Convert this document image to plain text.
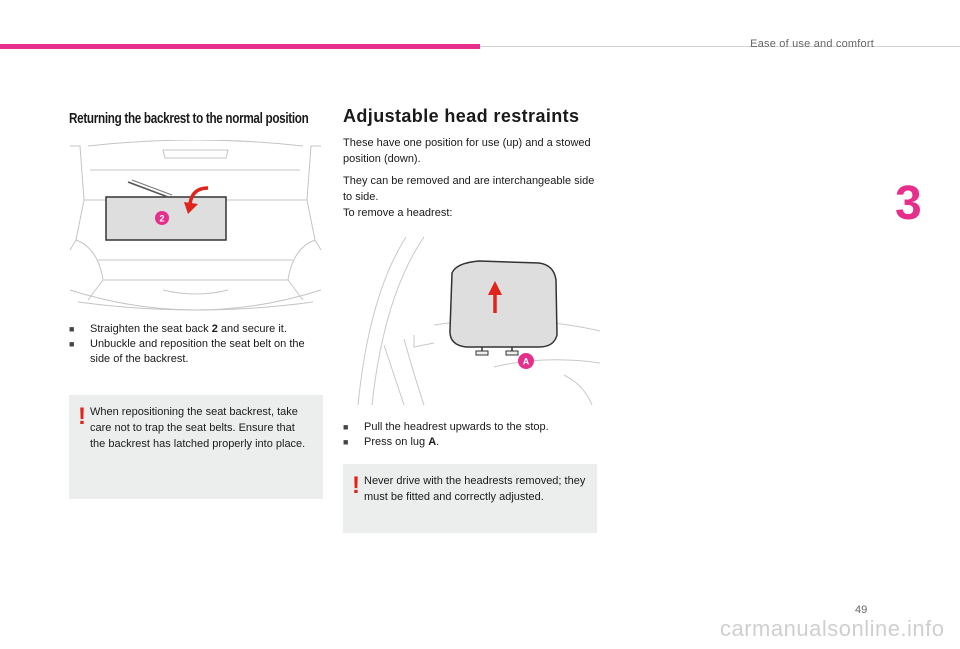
Ease of use and comfort
3
Returning the backrest to the normal position
2
■	Straighten the seat back 2 and secure it.
■	Unbuckle and reposition the seat belt on the side of the backrest.
! When repositioning the seat backrest, take care not to trap the seat belts. Ensure that the backrest has latched properly into place.
Adjustable head restraints
These have one position for use (up) and a stowed position (down).
They can be removed and are interchangeable side to side.
To remove a headrest:
A
■	Pull the headrest upwards to the stop.
■	Press on lug A.
! Never drive with the headrests removed; they must be fitted and correctly adjusted.
49
carmanualsonline.info
